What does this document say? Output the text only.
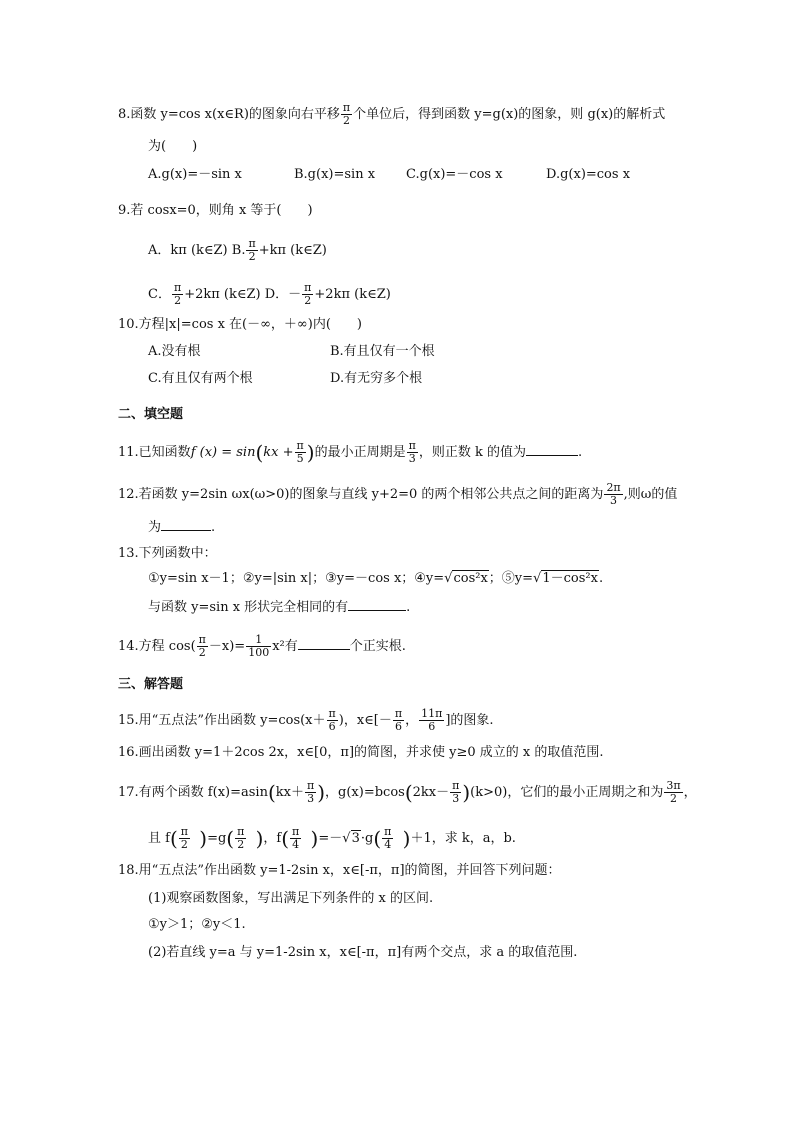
8.函数 y=cos x(x∈R)的图象向右平移 $\frac{\pi}{2}$ 个单位后，得到函数 y=g(x)的图象，则 g(x)的解析式
为(　　)
A.g(x)=－sin x	B.g(x)=sin x C.g(x)=－cos x	D.g(x)=cos x
9.若 cosx=0，则角 x 等于(　　)
A．kπ (k∈Z) B. $\frac{\pi}{2} +k\pi$ (k∈Z)
C． $\frac{\pi}{2} +2k\pi$ (k∈Z) D．－ $\frac{\pi}{2} +2k\pi$ (k∈Z)
10.方程|x|=cos x 在(－∞，＋∞)内(　　)
A.没有根	B.有且仅有一个根
C.有且仅有两个根	D.有无穷多个根
二、填空题
11.已知函数f $(x) = \sin(kx + \frac{\pi}{5}$ )的最小正周期是 $\frac{\pi}{3}$ ，则正数 k 的值为	.
12.若函数 y=2sin ωx(ω>0)的图象与直线 y+2=0 的两个相邻公共点之间的距离为 $\frac{2\pi}{3}$ ,则ω的值
为	.
13.下列函数中：
①y=sin x－1；②y=|sin x|；③y=－cos x；④y=√cos²x；⑤y=√1－cos²x.
与函数 y=sin x 形状完全相同的有	.
14.方程 $\cos( \frac{\pi}{2} -x)= \frac{1}{100} x^2$有	个正实根.
三、解答题
15.用“五点法”作出函数 $y=\cos(x+ \frac{\pi}{6}$ )，x∈[－ $\frac{\pi}{6}$ ， $\frac{11\pi}{6}$ ]的图象.
16.画出函数 y=1＋2cos 2x，x∈[0，π]的简图，并求使 y≥0 成立的 x 的取值范围.
17.有两个函数 $f(x)=asin(kx+ \frac{\pi}{3}$ )，$g(x)=bcos(2kx- \frac{\pi}{3} )(k>0)$，它们的最小正周期之和为 $\frac{3\pi}{2}$ ，
且 $f( \frac{\pi}{2} )=g( \frac{\pi}{2}$ )，$f( \frac{\pi}{4} )=-√3\cdot g( \frac{\pi}{4} )+1$，求 k，a，b.
18.用“五点法”作出函数 y=1-2sin x，x∈[-π，π]的简图，并回答下列问题：
(1)观察函数图象，写出满足下列条件的 x 的区间.
①y＞1；②y＜1.
(2)若直线 y=a 与 y=1-2sin x，x∈[-π，π]有两个交点，求 a 的取值范围.
